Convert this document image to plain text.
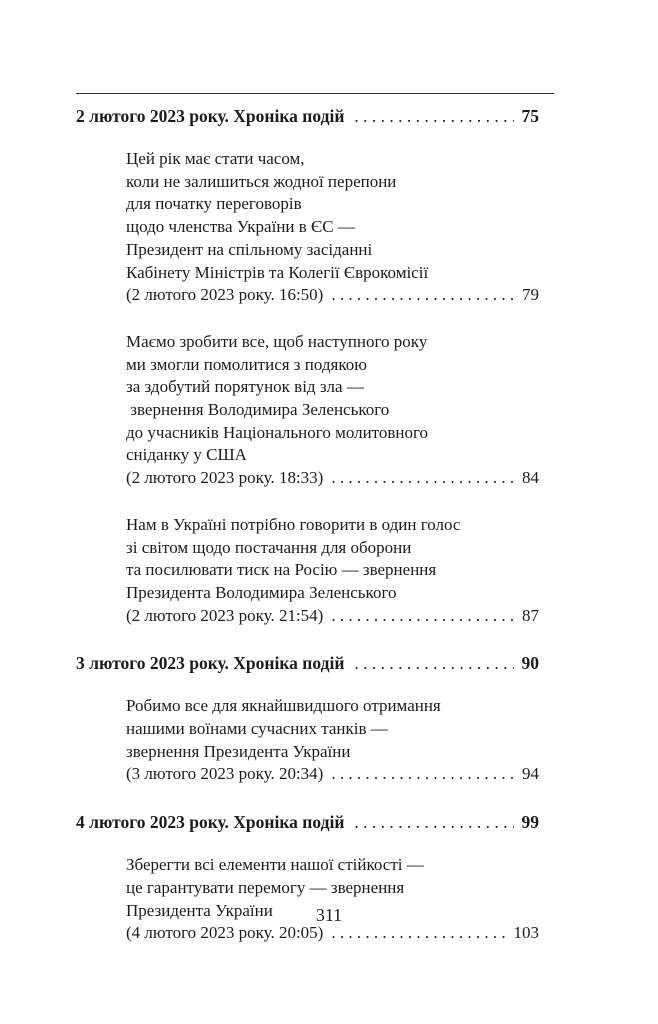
2 лютого 2023 року. Хроніка подій . . .	75
Цей рік має стати часом,
коли не залишиться жодної перепони
для початку переговорів
щодо членства України в ЄС —
Президент на спільному засіданні
Кабінету Міністрів та Колегії Єврокомісії
(2 лютого 2023 року. 16:50) . . .	79
Маємо зробити все, щоб наступного року
ми змогли помолитися з подякою
за здобутий порятунок від зла —
звернення Володимира Зеленського
до учасників Національного молитовного
сніданку у США
(2 лютого 2023 року. 18:33) . . .	84
Нам в Україні потрібно говорити в один голос
зі світом щодо постачання для оборони
та посилювати тиск на Росію — звернення
Президента Володимира Зеленського
(2 лютого 2023 року. 21:54) . . .	87
3 лютого 2023 року. Хроніка подій . . .	90
Робимо все для якнайшвидшого отримання
нашими воїнами сучасних танків —
звернення Президента України
(3 лютого 2023 року. 20:34) . . .	94
4 лютого 2023 року. Хроніка подій . . .	99
Зберегти всі елементи нашої стійкості —
це гарантувати перемогу — звернення
Президента України
(4 лютого 2023 року. 20:05) . . .	103
311
